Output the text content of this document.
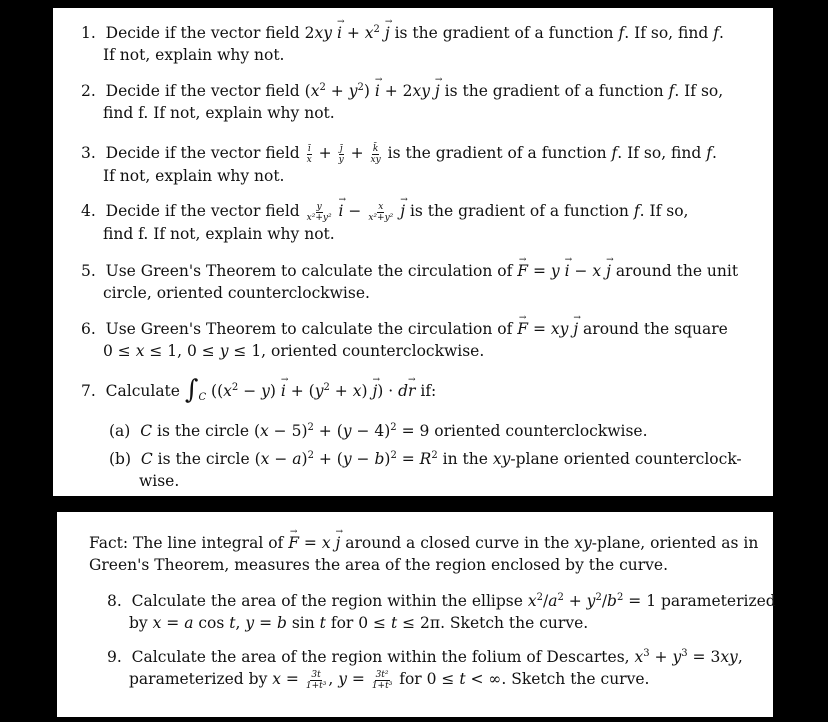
1.  Decide if the vector field $2xy \to i + x^2 \to j$ is the gradient of a function f. If so, find f.
If not, explain why not.
2.  Decide if the vector field $(x^2 + y^2) \to i + 2xy \to j$ is the gradient of a function f. If so,
find f. If not, explain why not.
3.  Decide if the vector field $\frac{ī}{x} + \frac{j̄}{y} + \frac{k̄}{xy}$ is the gradient of a function f. If so, find f.
If not, explain why not.
4.  Decide if the vector field $\frac{y}{\text{x²+y²}}$
→ $i - \frac{x}{\text{x²+y²}}$
→ j is the gradient of a function f. If so,
find f. If not, explain why not.
5.  Use Green's Theorem to calculate the circulation of → F = y → i − x → j around the unit
circle, oriented counterclockwise.
6.  Use Green's Theorem to calculate the circulation of → F = xy → j around the square
0 ≤ x ≤ 1, 0 ≤ y ≤ 1, oriented counterclockwise.
7.  Calculate $\int_C$ $((x^2 - y) \to i + (y^2 + x) \to j) \cdot d\to r$ if:
(a)  C is the circle $(x - 5)^2 + (y - 4)^2 = 9$ oriented counterclockwise.
(b)  C is the circle $(x - a)^2 + (y - b)^2 = R^2$ in the xy-plane oriented counterclock-
wise.
Fact: The line integral of → F = x → j around a closed curve in the xy-plane, oriented as in
Green's Theorem, measures the area of the region enclosed by the curve.
8.  Calculate the area of the region within the ellipse $x^2/a^2 + y^2/b^2 = 1$ parameterized
by x = a cos t, y = b sin t for 0 ≤ t ≤ 2π. Sketch the curve.
9.  Calculate the area of the region within the folium of Descartes, $x^3 + y^3 = 3xy$,
parameterized by $x = \frac{3t}{\text{1+t³}}$ , $y = \frac{\text{3t²}}{\text{1+t³}}$ for 0 ≤ t < ∞. Sketch the curve.
